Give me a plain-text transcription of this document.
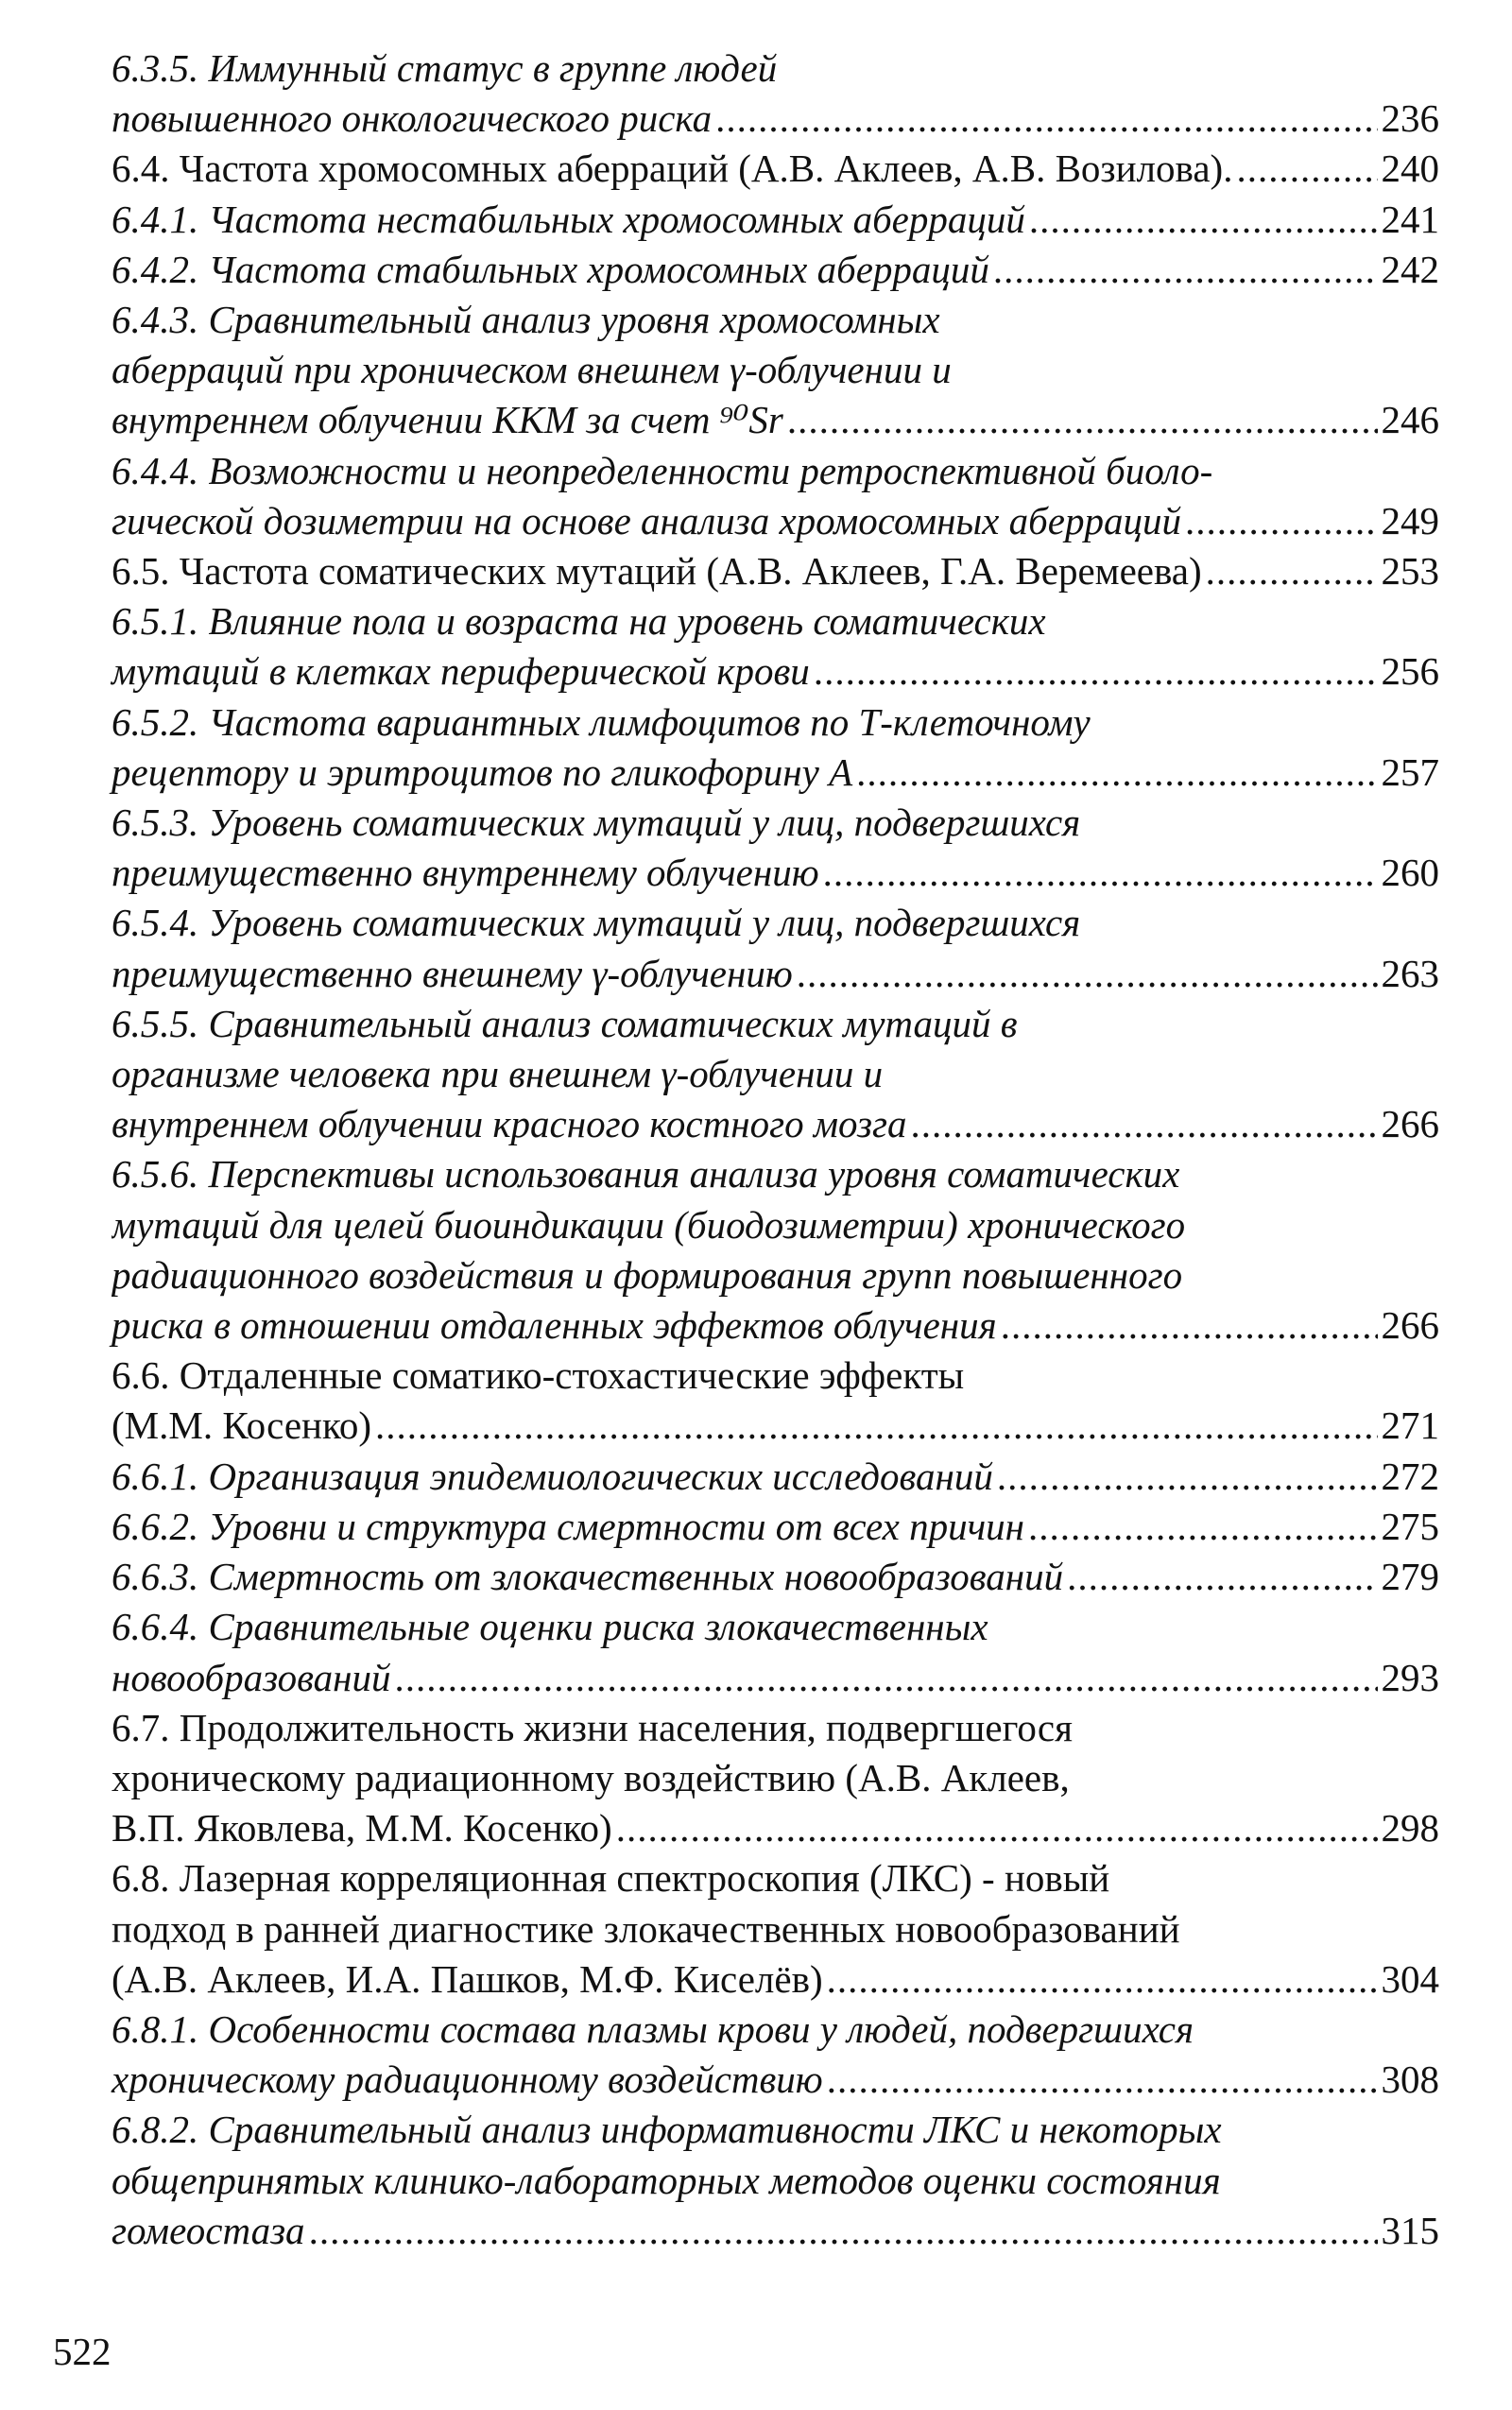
6.3.5. Иммунный статус в группе людей
повышенного онкологического риска .....	236
6.4. Частота хромосомных аберраций (А.В. Аклеев, А.В. Возилова). .....	240
6.4.1. Частота нестабильных хромосомных аберраций .....	241
6.4.2. Частота стабильных хромосомных аберраций .....	242
6.4.3. Сравнительный анализ уровня хромосомных
аберраций при хроническом внешнем γ-облучении и
внутреннем облучении ККМ за счет ⁹⁰Sr .....	246
6.4.4. Возможности и неопределенности ретроспективной биоло-
гической дозиметрии на основе анализа хромосомных аберраций .....	249
6.5. Частота соматических мутаций (А.В. Аклеев, Г.А. Веремеева) .....	253
6.5.1. Влияние пола и возраста на уровень соматических
мутаций в клетках периферической крови .....	256
6.5.2. Частота вариантных лимфоцитов по Т-клеточному
рецептору и эритроцитов по гликофорину А .....	257
6.5.3. Уровень соматических мутаций у лиц, подвергшихся
преимущественно внутреннему облучению .....	260
6.5.4. Уровень соматических мутаций у лиц, подвергшихся
преимущественно внешнему γ-облучению .....	263
6.5.5. Сравнительный анализ соматических мутаций в
организме человека при внешнем γ-облучении и
внутреннем облучении красного костного мозга .....	266
6.5.6. Перспективы использования анализа уровня соматических
мутаций для целей биоиндикации (биодозиметрии) хронического
радиационного воздействия и формирования групп повышенного
риска в отношении отдаленных эффектов облучения .....	266
6.6. Отдаленные соматико-стохастические эффекты
(М.М. Косенко) .....	271
6.6.1. Организация эпидемиологических исследований .....	272
6.6.2. Уровни и структура смертности от всех причин .....	275
6.6.3. Смертность от злокачественных новообразований .....	279
6.6.4. Сравнительные оценки риска злокачественных
новообразований .....	293
6.7. Продолжительность жизни населения, подвергшегося
хроническому радиационному воздействию (А.В. Аклеев,
В.П. Яковлева, М.М. Косенко) .....	298
6.8. Лазерная корреляционная спектроскопия (ЛКС) - новый
подход в ранней диагностике злокачественных новообразований
(А.В. Аклеев, И.А. Пашков, М.Ф. Киселёв) .....	304
6.8.1. Особенности состава плазмы крови у людей, подвергшихся
хроническому радиационному воздействию .....	308
6.8.2. Сравнительный анализ информативности ЛКС и некоторых
общепринятых клинико-лабораторных методов оценки состояния
гомеостаза .....	315
522
